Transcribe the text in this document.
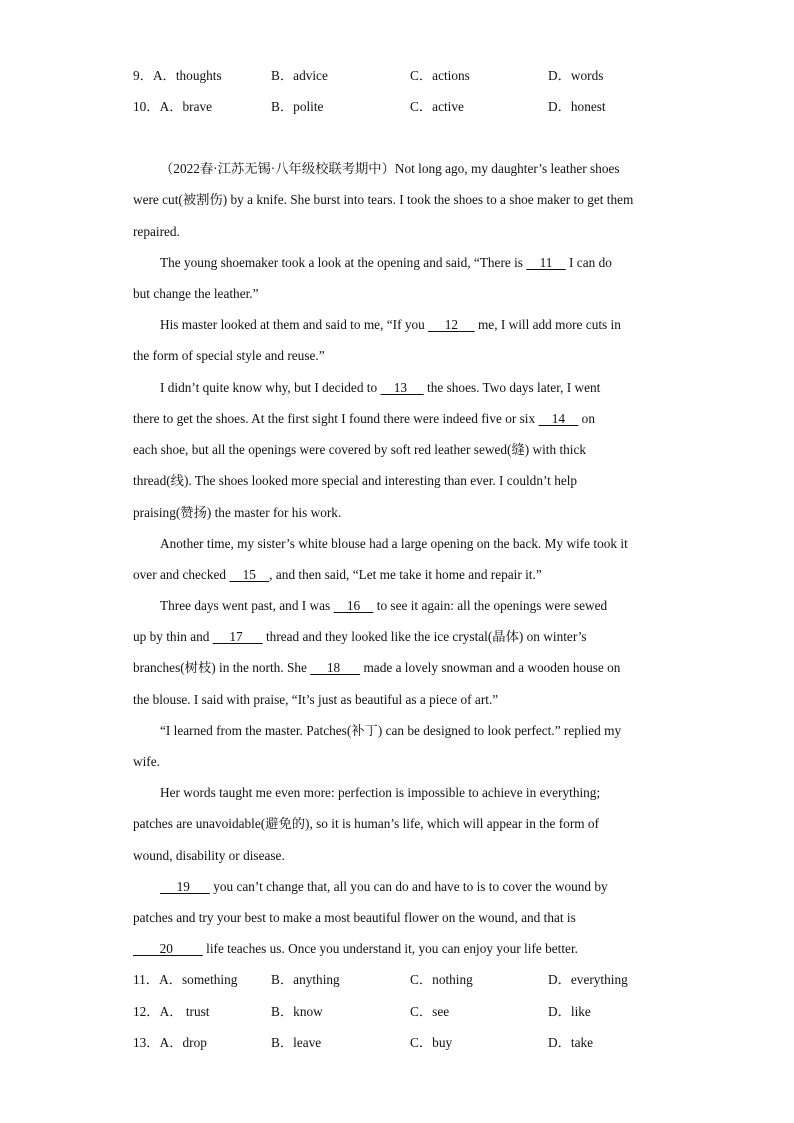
9．A．thoughts	B．advice	C．actions	D．words
10．A．brave	B．polite	C．active	D．honest
（2022春·江苏无锡·八年级校联考期中）Not long ago, my daughter’s leather shoes
were cut(被割伤) by a knife. She burst into tears. I took the shoes to a shoe maker to get them
repaired.
The young shoemaker took a look at the opening and said, “There is     11     I can do
but change the leather.”
His master looked at them and said to me, “If you      12      me, I will add more cuts in
the form of special style and reuse.”
I didn’t quite know why, but I decided to     13      the shoes. Two days later, I went
there to get the shoes. At the first sight I found there were indeed five or six     14     on
each shoe, but all the openings were covered by soft red leather sewed(缝) with thick
thread(线). The shoes looked more special and interesting than ever. I couldn’t help
praising(赞扬) the master for his work.
Another time, my sister’s white blouse had a large opening on the back. My wife took it
over and checked     15    , and then said, “Let me take it home and repair it.”
Three days went past, and I was     16     to see it again: all the openings were sewed
up by thin and      17       thread and they looked like the ice crystal(晶体) on winter’s
branches(树枝) in the north. She      18       made a lovely snowman and a wooden house on
the blouse. I said with praise, “It’s just as beautiful as a piece of art.”
“I learned from the master. Patches(补丁) can be designed to look perfect.” replied my
wife.
Her words taught me even more: perfection is impossible to achieve in everything;
patches are unavoidable(避免的), so it is human’s life, which will appear in the form of
wound, disability or disease.
19       you can’t change that, all you can do and have to is to cover the wound by
patches and try your best to make a most beautiful flower on the wound, and that is
20          life teaches us. Once you understand it, you can enjoy your life better.
11．A．something	B．anything	C．nothing	D．everything
12．A． trust	B．know	C．see	D．like
13．A．drop	B．leave	C．buy	D．take
